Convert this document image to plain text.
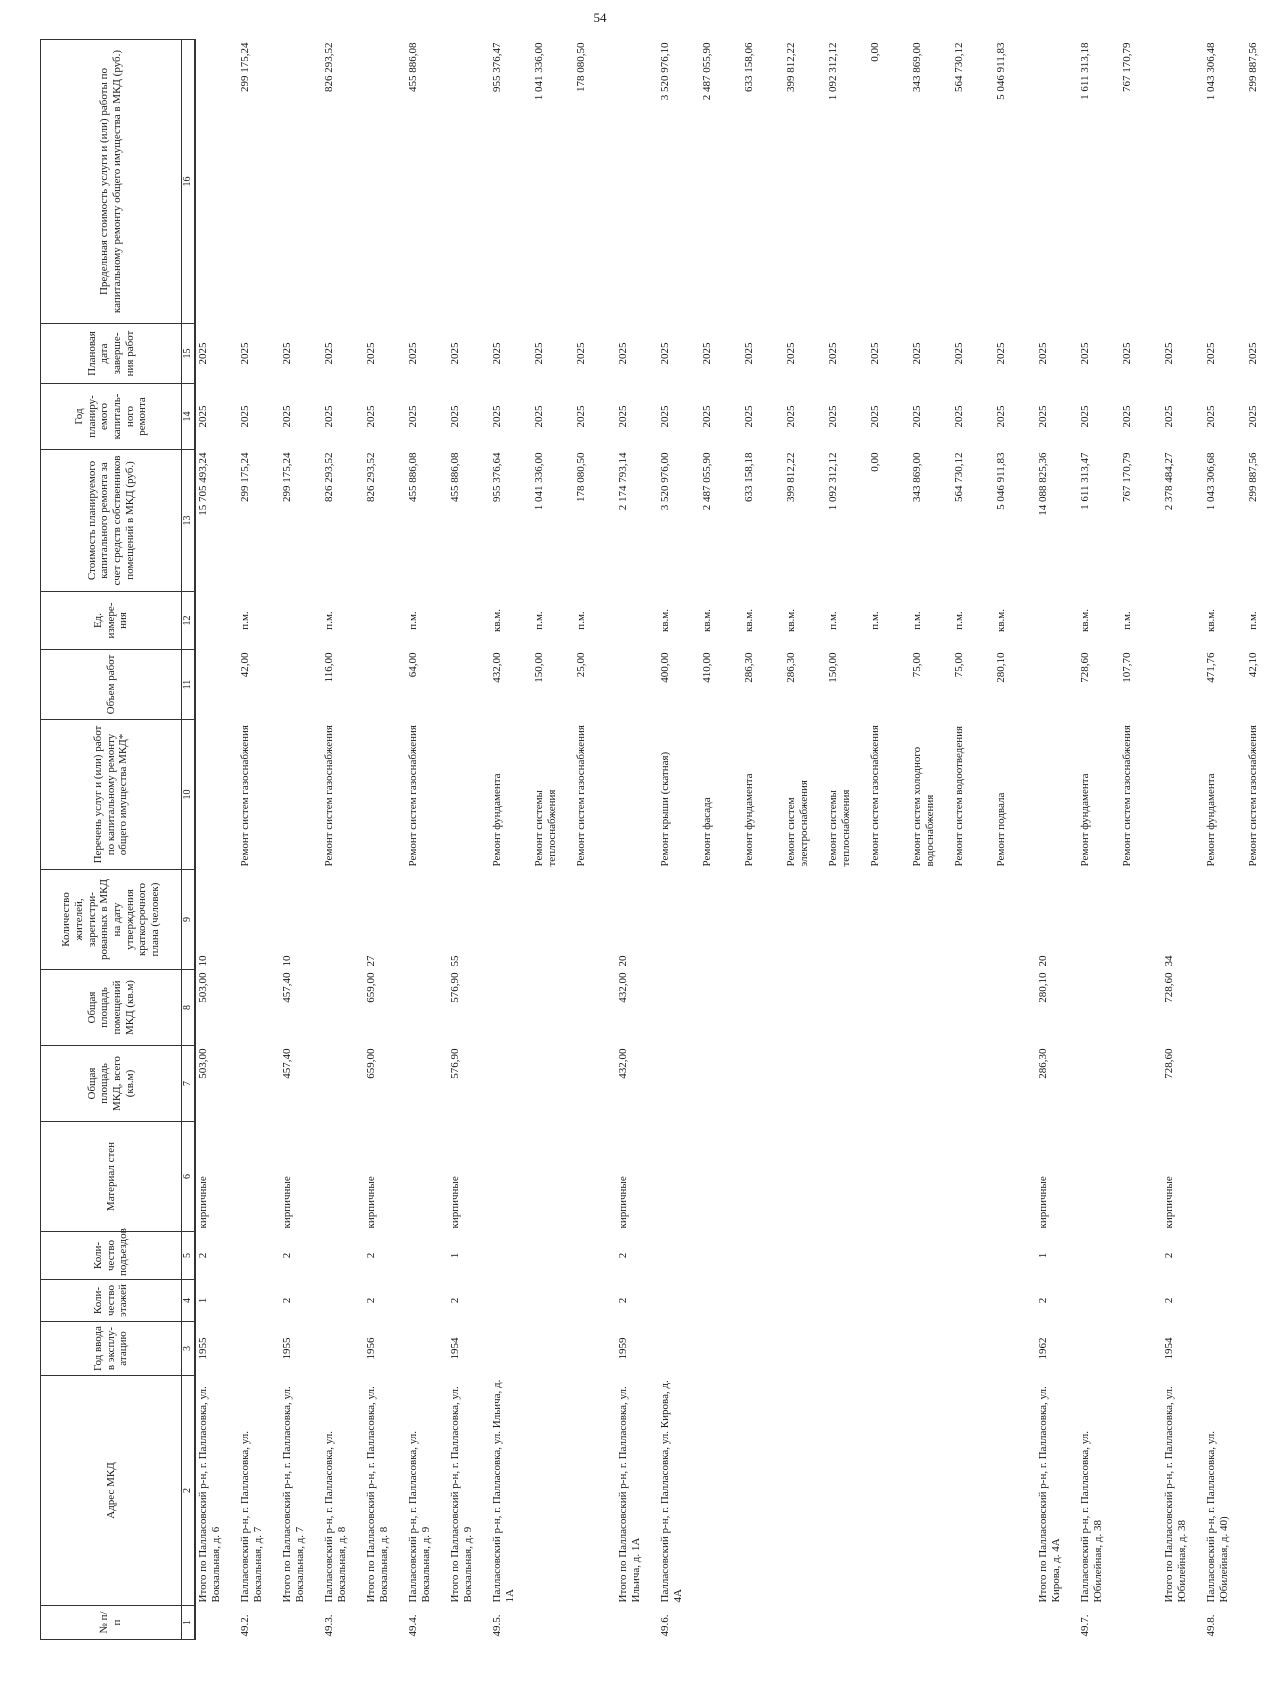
54
№ п/п	Адрес МКД	Год ввода в эксплу-атацию	Коли-чество этажей	Коли-чество подъездов	Материал стен	Общая площадь МКД, всего (кв.м)	Общая площадь помещений МКД (кв.м)	Количество жителей, зарегистри-рованных в МКД на дату утверждения краткосрочного плана (человек)	Перечень услуг и (или) работ по капитальному ремонту общего имущества МКД*	Объем работ	Ед. измере-ния	Стоимость планируемого капитального ремонта за счет средств собственников помещений в МКД (руб.)	Год планиру-емого капиталь-ного ремонта	Плановая дата заверше-ния работ	Предельная стоимость услуги и (или) работы по капитальному ремонту общего имущества в МКД (руб.)
1	2	3	4	5	6	7	8	9	10	11	12	13	14	15	16
	Итого по Палласовский р-н, г. Палласовка, ул. Вокзальная, д. 6	1955	1	2	кирпичные	503,00	503,00	10				15 705 493,24	2025	2025	
49.2.	Палласовский р-н, г. Палласовка, ул. Вокзальная, д. 7								Ремонт систем газоснабжения	42,00	п.м.	299 175,24	2025	2025	299 175,24
	Итого по Палласовский р-н, г. Палласовка, ул. Вокзальная, д. 7	1955	2	2	кирпичные	457,40	457,40	10				299 175,24	2025	2025	
49.3.	Палласовский р-н, г. Палласовка, ул. Вокзальная, д. 8								Ремонт систем газоснабжения	116,00	п.м.	826 293,52	2025	2025	826 293,52
	Итого по Палласовский р-н, г. Палласовка, ул. Вокзальная, д. 8	1956	2	2	кирпичные	659,00	659,00	27				826 293,52	2025	2025	
49.4.	Палласовский р-н, г. Палласовка, ул. Вокзальная, д. 9								Ремонт систем газоснабжения	64,00	п.м.	455 886,08	2025	2025	455 886,08
	Итого по Палласовский р-н, г. Палласовка, ул. Вокзальная, д. 9	1954	2	1	кирпичные	576,90	576,90	55				455 886,08	2025	2025	
49.5.	Палласовский р-н, г. Палласовка, ул. Ильича, д. 1А								Ремонт фундамента	432,00	кв.м.	955 376,64	2025	2025	955 376,47
									Ремонт системы теплоснабжения	150,00	п.м.	1 041 336,00	2025	2025	1 041 336,00
									Ремонт систем газоснабжения	25,00	п.м.	178 080,50	2025	2025	178 080,50
	Итого по Палласовский р-н, г. Палласовка, ул. Ильича, д. 1А	1959	2	2	кирпичные	432,00	432,00	20				2 174 793,14	2025	2025	
49.6.	Палласовский р-н, г. Палласовка, ул. Кирова, д. 4А								Ремонт крыши (скатная)	400,00	кв.м.	3 520 976,00	2025	2025	3 520 976,10
									Ремонт фасада	410,00	кв.м.	2 487 055,90	2025	2025	2 487 055,90
									Ремонт фундамента	286,30	кв.м.	633 158,18	2025	2025	633 158,06
									Ремонт систем электроснабжения	286,30	кв.м.	399 812,22	2025	2025	399 812,22
									Ремонт системы теплоснабжения	150,00	п.м.	1 092 312,12	2025	2025	1 092 312,12
									Ремонт систем газоснабжения		п.м.	0,00	2025	2025	0,00
									Ремонт систем холодного водоснабжения	75,00	п.м.	343 869,00	2025	2025	343 869,00
									Ремонт систем водоотведения	75,00	п.м.	564 730,12	2025	2025	564 730,12
									Ремонт подвала	280,10	кв.м.	5 046 911,83	2025	2025	5 046 911,83
	Итого по Палласовский р-н, г. Палласовка, ул. Кирова, д. 4А	1962	2	1	кирпичные	286,30	280,10	20				14 088 825,36	2025	2025	
49.7.	Палласовский р-н, г. Палласовка, ул. Юбилейная, д. 38								Ремонт фундамента	728,60	кв.м.	1 611 313,47	2025	2025	1 611 313,18
									Ремонт систем газоснабжения	107,70	п.м.	767 170,79	2025	2025	767 170,79
	Итого по Палласовский р-н, г. Палласовка, ул. Юбилейная, д. 38	1954	2	2	кирпичные	728,60	728,60	34				2 378 484,27	2025	2025	
49.8.	Палласовский р-н, г. Палласовка, ул. Юбилейная, д. 40)								Ремонт фундамента	471,76	кв.м.	1 043 306,68	2025	2025	1 043 306,48
									Ремонт систем газоснабжения	42,10	п.м.	299 887,56	2025	2025	299 887,56
